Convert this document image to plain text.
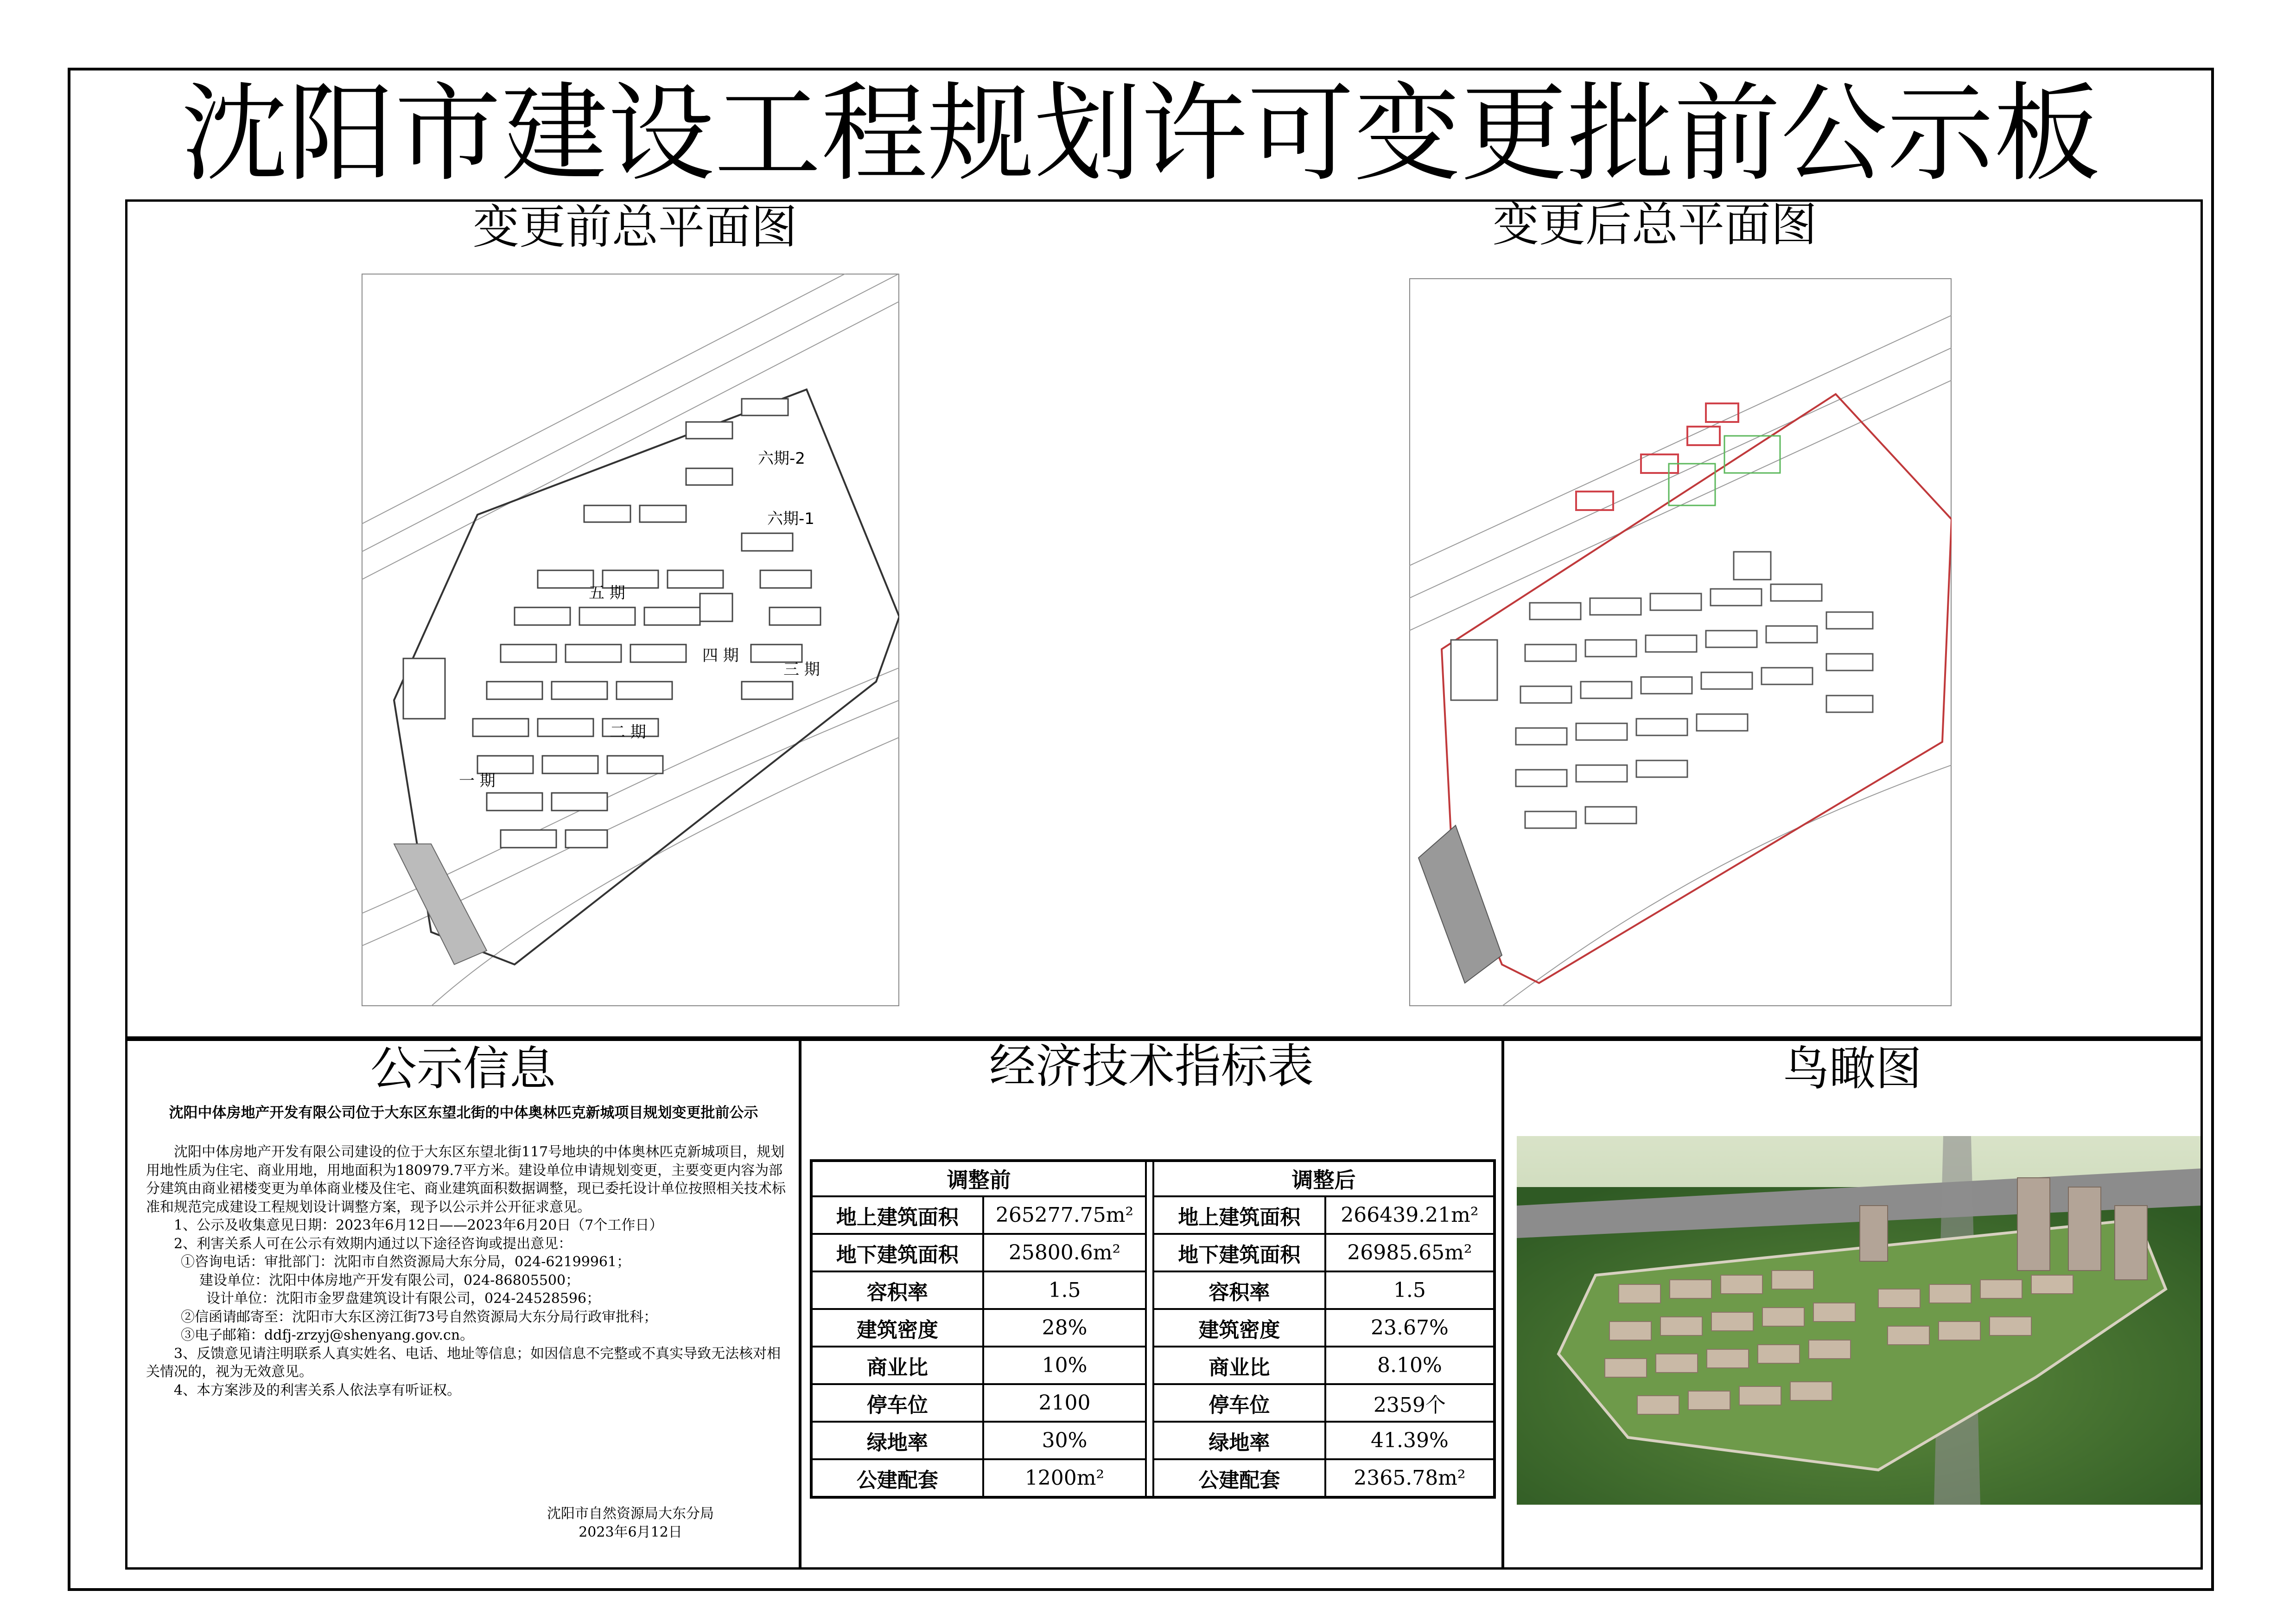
沈阳市建设工程规划许可变更批前公示板
变更前总平面图	变更后总平面图
六期-2
六期-1
五 期
四 期
三 期
二 期
一 期
公示信息
沈阳中体房地产开发有限公司位于大东区东望北街的中体奥林匹克新城项目规划变更批前公示

沈阳中体房地产开发有限公司建设的位于大东区东望北街117号地块的中体奥林匹克新城项目，规划用地性质为住宅、商业用地，用地面积为180979.7平方米。建设单位申请规划变更，主要变更内容为部分建筑由商业裙楼变更为单体商业楼及住宅、商业建筑面积数据调整，现已委托设计单位按照相关技术标准和规范完成建设工程规划设计调整方案，现予以公示并公开征求意见。

1、公示及收集意见日期：2023年6月12日——2023年6月20日（7个工作日）

2、利害关系人可在公示有效期内通过以下途径咨询或提出意见：

①咨询电话：审批部门：沈阳市自然资源局大东分局，024-62199961；

建设单位：沈阳中体房地产开发有限公司，024-86805500；

设计单位：沈阳市金罗盘建筑设计有限公司，024-24528596；

②信函请邮寄至：沈阳市大东区滂江街73号自然资源局大东分局行政审批科；

③电子邮箱：ddfj-zrzyj@shenyang.gov.cn。

3、反馈意见请注明联系人真实姓名、电话、地址等信息；如因信息不完整或不真实导致无法核对相关情况的，视为无效意见。

4、本方案涉及的利害关系人依法享有听证权。

沈阳市自然资源局大东分局
2023年6月12日
经济技术指标表
调整前			调整后	
地上建筑面积	265277.75m²		地上建筑面积	266439.21m²
地下建筑面积	25800.6m²		地下建筑面积	26985.65m²
容积率	1.5		容积率	1.5
建筑密度	28%		建筑密度	23.67%
商业比	10%		商业比	8.10%
停车位	2100		停车位	2359个
绿地率	30%		绿地率	41.39%
公建配套	1200m²		公建配套	2365.78m²
鸟瞰图
